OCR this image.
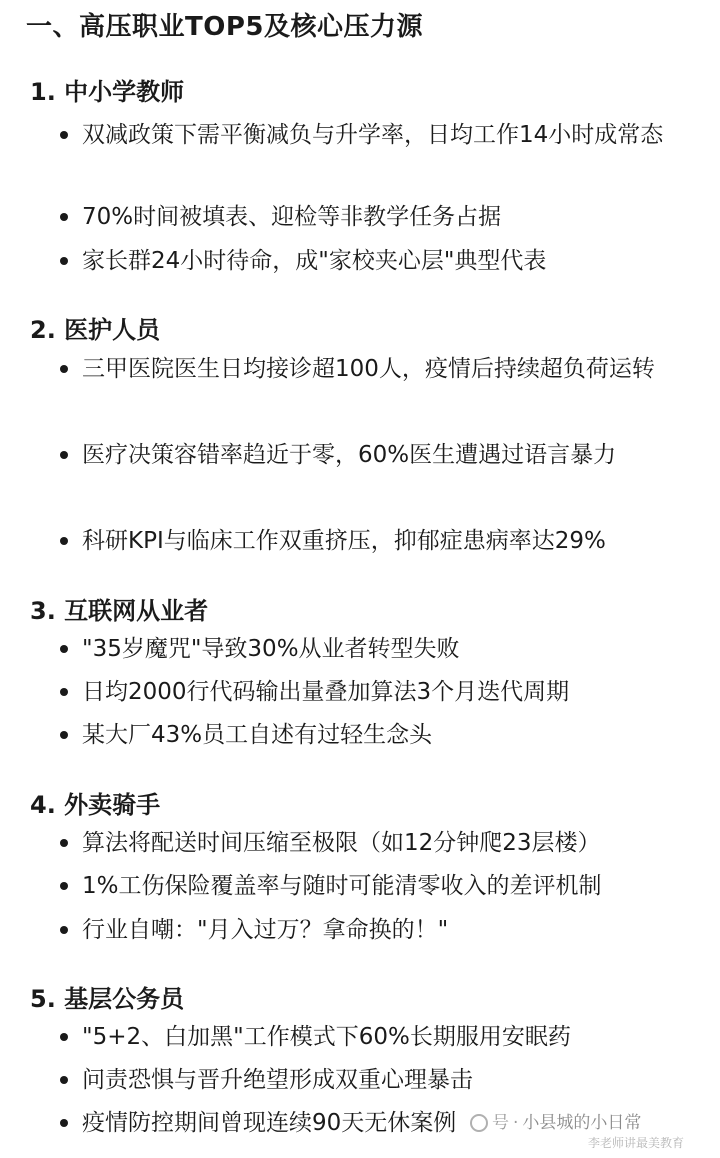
一、高压职业TOP5及核心压力源
1. 中小学教师
双减政策下需平衡减负与升学率，日均工作14小时成常态
70%时间被填表、迎检等非教学任务占据
家长群24小时待命，成"家校夹心层"典型代表
2. 医护人员
三甲医院医生日均接诊超100人，疫情后持续超负荷运转
医疗决策容错率趋近于零，60%医生遭遇过语言暴力
科研KPI与临床工作双重挤压，抑郁症患病率达29%
3. 互联网从业者
"35岁魔咒"导致30%从业者转型失败
日均2000行代码输出量叠加算法3个月迭代周期
某大厂43%员工自述有过轻生念头
4. 外卖骑手
算法将配送时间压缩至极限（如12分钟爬23层楼）
1%工伤保险覆盖率与随时可能清零收入的差评机制
行业自嘲："月入过万？拿命换的！"
5. 基层公务员
"5+2、白加黑"工作模式下60%长期服用安眠药
问责恐惧与晋升绝望形成双重心理暴击
疫情防控期间曾现连续90天无休案例	号 · 小县城的小日常
李老师讲最美教育
